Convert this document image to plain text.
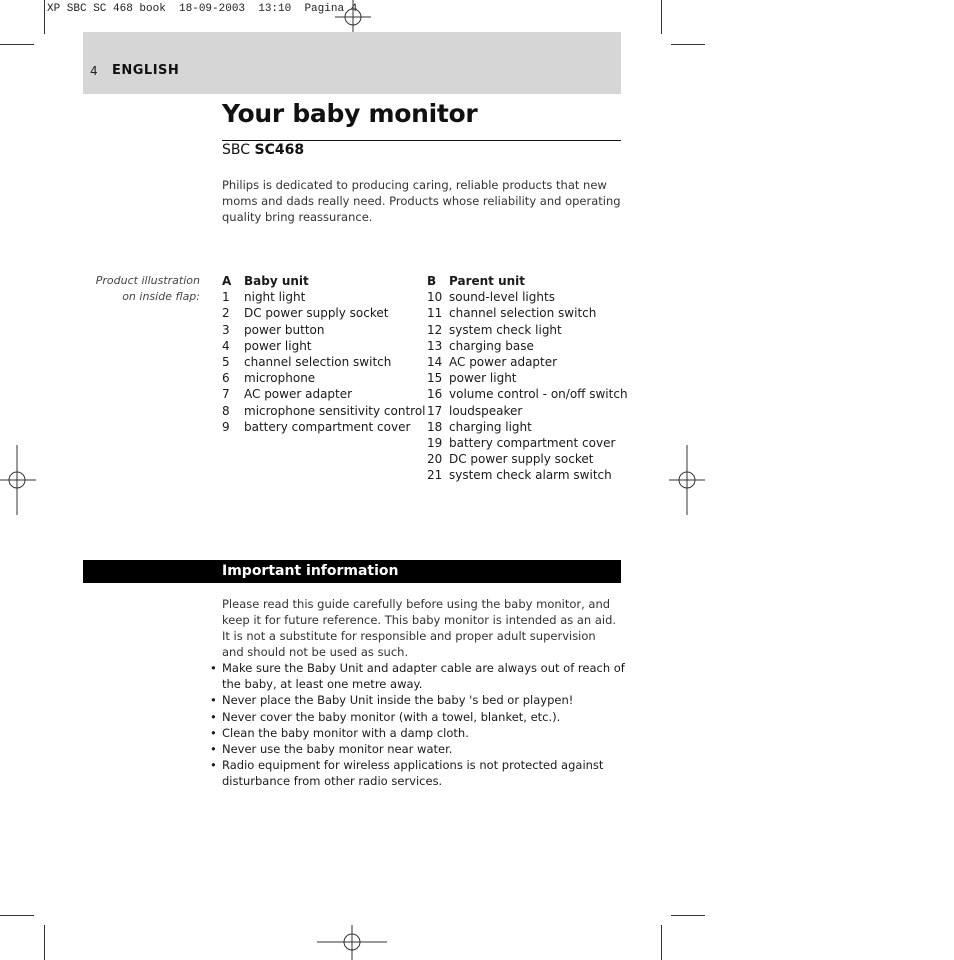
XP SBC SC 468 book  18-09-2003  13:10  Pagina 4
4 ENGLISH
Your baby monitor
SBC SC468

Philips is dedicated to producing caring, reliable products that new moms and dads really need. Products whose reliability and operating quality bring reassurance.

Product illustration on inside flap:
A	Baby unit
1	night light
2	DC power supply socket
3	power button
4	power light
5	channel selection switch
6	microphone
7	AC power adapter
8	microphone sensitivity control
9	battery compartment cover
B	Parent unit
10 sound-level lights
11 channel selection switch
12 system check light
13 charging base
14 AC power adapter
15 power light
16 volume control - on/off switch
17 loudspeaker
18 charging light
19 battery compartment cover
20 DC power supply socket
21 system check alarm switch
Important information

Please read this guide carefully before using the baby monitor, and keep it for future reference. This baby monitor is intended as an aid. It is not a substitute for responsible and proper adult supervision and should not be used as such.

• Make sure the Baby Unit and adapter cable are always out of reach of the baby, at least one metre away.
• Never place the Baby Unit inside the baby 's bed or playpen!
• Never cover the baby monitor (with a towel, blanket, etc.).
• Clean the baby monitor with a damp cloth.
• Never use the baby monitor near water.
• Radio equipment for wireless applications is not protected against disturbance from other radio services.
